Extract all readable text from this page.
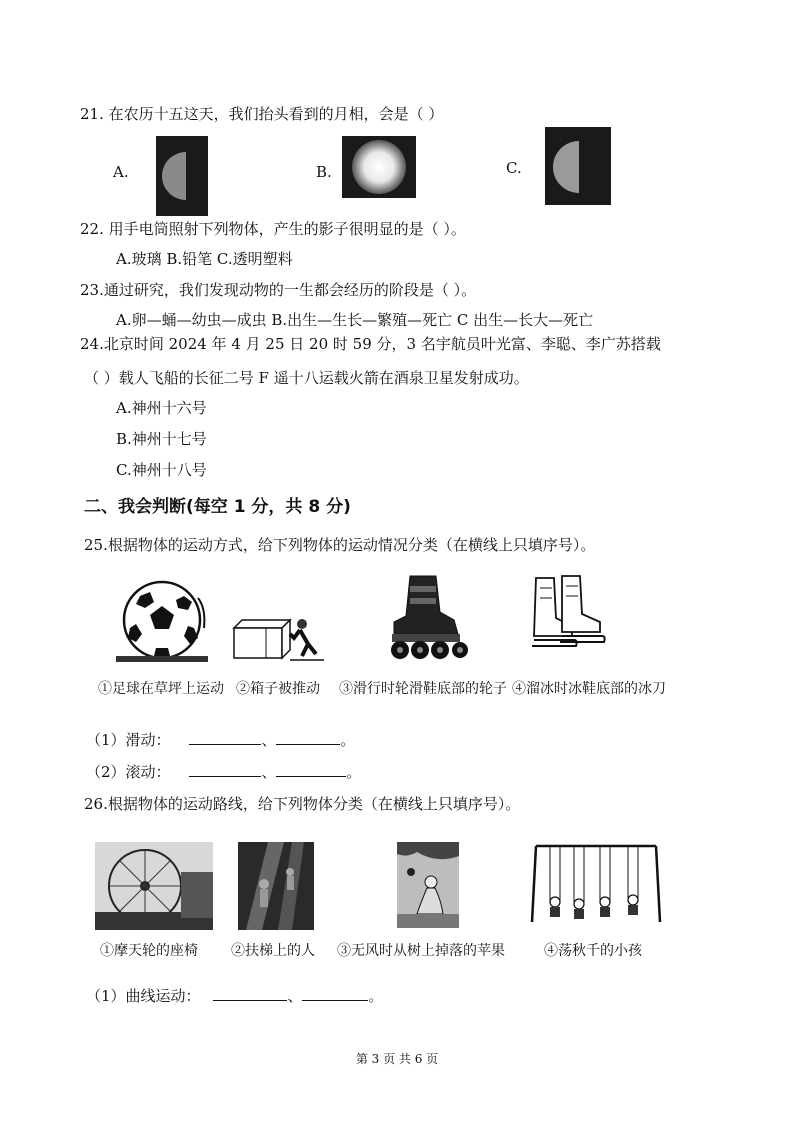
21. 在农历十五这天，我们抬头看到的月相，会是（ ）
A.	B.	C.
22. 用手电筒照射下列物体，产生的影子很明显的是（ ）。
A.玻璃 B.铅笔 C.透明塑料
23.通过研究，我们发现动物的一生都会经历的阶段是（ ）。
A.卵—蛹—幼虫—成虫 B.出生—生长—繁殖—死亡 C 出生—长大—死亡
24.北京时间 2024 年 4 月 25 日 20 时 59 分，3 名宇航员叶光富、李聪、李广苏搭载
（ ）载人飞船的长征二号 F 遥十八运载火箭在酒泉卫星发射成功。
A.神州十六号
B.神州十七号
C.神州十八号
二、我会判断(每空 1 分，共 8 分)
25.根据物体的运动方式，给下列物体的运动情况分类（在横线上只填序号）。
①足球在草坪上运动 ②箱子被推动 ③滑行时轮滑鞋底部的轮子 ④溜冰时冰鞋底部的冰刀
（1）滑动：	、	。
（2）滚动：	、	。
26.根据物体的运动路线，给下列物体分类（在横线上只填序号）。
①摩天轮的座椅 ②扶梯上的人 ③无风时从树上掉落的苹果	④荡秋千的小孩
（1）曲线运动：	、	。
第 3 页 共 6 页
